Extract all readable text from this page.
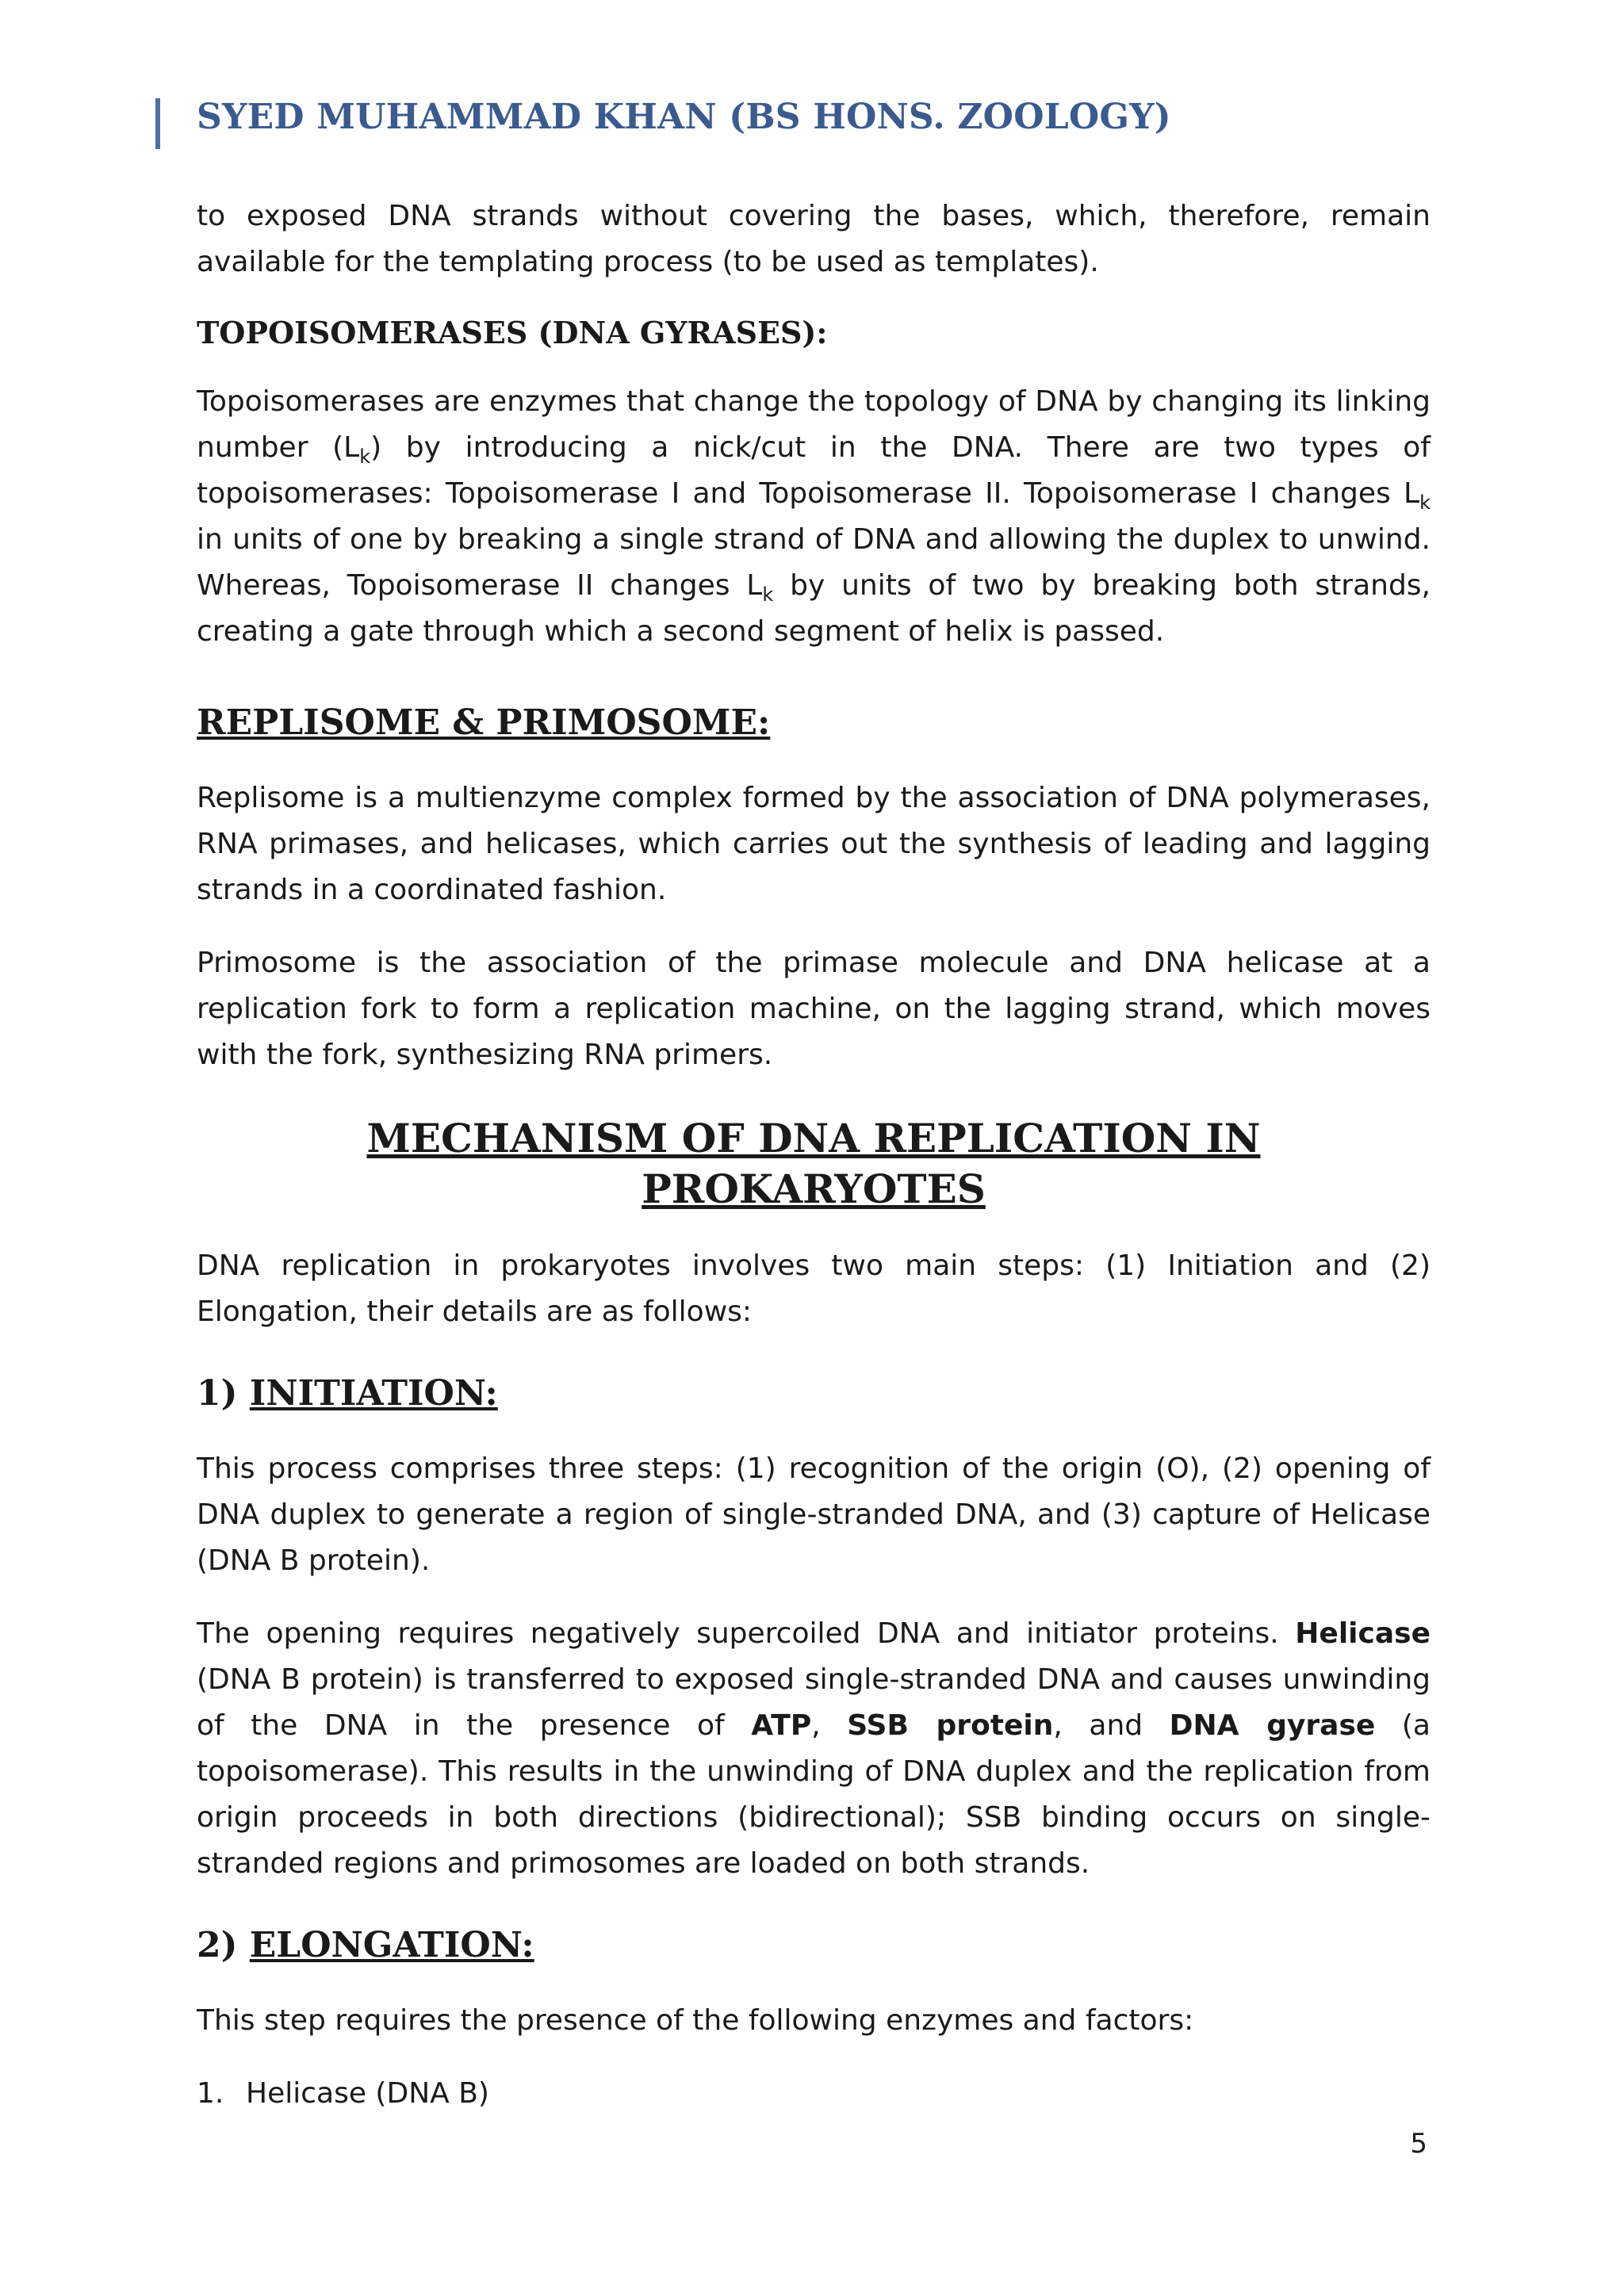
SYED MUHAMMAD KHAN (BS HONS. ZOOLOGY)

to exposed DNA strands without covering the bases, which, therefore, remain available for the templating process (to be used as templates).

TOPOISOMERASES (DNA GYRASES):

Topoisomerases are enzymes that change the topology of DNA by changing its linking number $(L_k)$ by introducing a nick/cut in the DNA. There are two types of topoisomerases: Topoisomerase I and Topoisomerase II. Topoisomerase I changes $L_k$ in units of one by breaking a single strand of DNA and allowing the duplex to unwind. Whereas, Topoisomerase II changes $L_k$ by units of two by breaking both strands, creating a gate through which a second segment of helix is passed.

REPLISOME & PRIMOSOME:

Replisome is a multienzyme complex formed by the association of DNA polymerases, RNA primases, and helicases, which carries out the synthesis of leading and lagging strands in a coordinated fashion.

Primosome is the association of the primase molecule and DNA helicase at a replication fork to form a replication machine, on the lagging strand, which moves with the fork, synthesizing RNA primers.

MECHANISM OF DNA REPLICATION IN PROKARYOTES

DNA replication in prokaryotes involves two main steps: (1) Initiation and (2) Elongation, their details are as follows:

1) INITIATION:

This process comprises three steps: (1) recognition of the origin (O), (2) opening of DNA duplex to generate a region of single-stranded DNA, and (3) capture of Helicase (DNA B protein).

The opening requires negatively supercoiled DNA and initiator proteins. Helicase (DNA B protein) is transferred to exposed single-stranded DNA and causes unwinding of the DNA in the presence of ATP, SSB protein, and DNA gyrase (a topoisomerase). This results in the unwinding of DNA duplex and the replication from origin proceeds in both directions (bidirectional); SSB binding occurs on single-stranded regions and primosomes are loaded on both strands.

2) ELONGATION:

This step requires the presence of the following enzymes and factors:

1. Helicase (DNA B)
5
